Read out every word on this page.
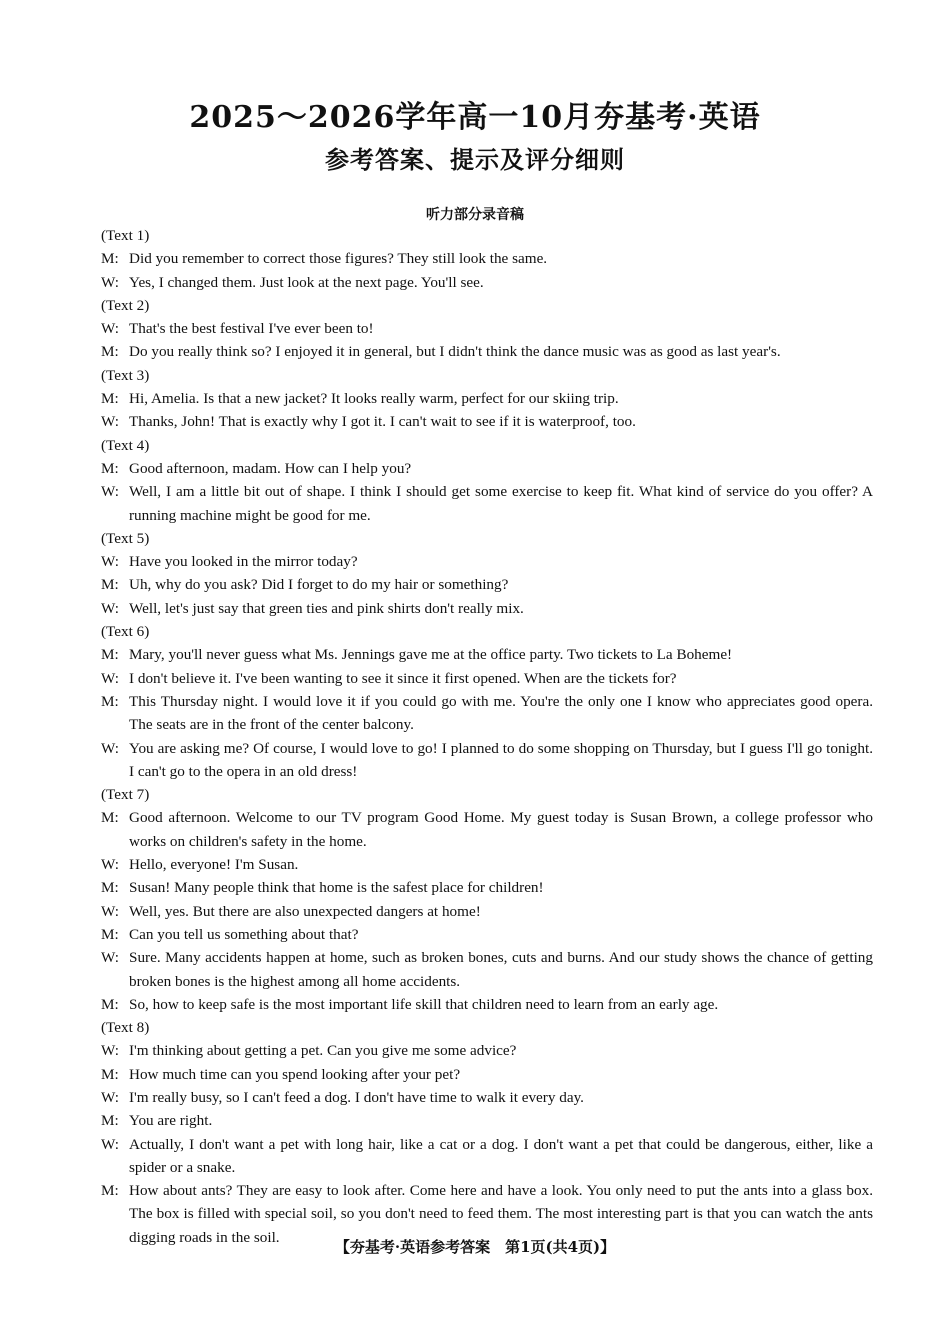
2025～2026学年高一10月夯基考·英语
参考答案、提示及评分细则
听力部分录音稿

(Text 1)

M: Did you remember to correct those figures? They still look the same.

W: Yes, I changed them. Just look at the next page. You'll see.

(Text 2)

W: That's the best festival I've ever been to!

M: Do you really think so? I enjoyed it in general, but I didn't think the dance music was as good as last year's.

(Text 3)

M: Hi, Amelia. Is that a new jacket? It looks really warm, perfect for our skiing trip.

W: Thanks, John! That is exactly why I got it. I can't wait to see if it is waterproof, too.

(Text 4)

M: Good afternoon, madam. How can I help you?

W: Well, I am a little bit out of shape. I think I should get some exercise to keep fit. What kind of service do you offer? A running machine might be good for me.

(Text 5)

W: Have you looked in the mirror today?

M: Uh, why do you ask? Did I forget to do my hair or something?

W: Well, let's just say that green ties and pink shirts don't really mix.

(Text 6)

M: Mary, you'll never guess what Ms. Jennings gave me at the office party. Two tickets to La Boheme!

W: I don't believe it. I've been wanting to see it since it first opened. When are the tickets for?

M: This Thursday night. I would love it if you could go with me. You're the only one I know who appreciates good opera. The seats are in the front of the center balcony.

W: You are asking me? Of course, I would love to go! I planned to do some shopping on Thursday, but I guess I'll go tonight. I can't go to the opera in an old dress!

(Text 7)

M: Good afternoon. Welcome to our TV program Good Home. My guest today is Susan Brown, a college professor who works on children's safety in the home.

W: Hello, everyone! I'm Susan.

M: Susan! Many people think that home is the safest place for children!

W: Well, yes. But there are also unexpected dangers at home!

M: Can you tell us something about that?

W: Sure. Many accidents happen at home, such as broken bones, cuts and burns. And our study shows the chance of getting broken bones is the highest among all home accidents.

M: So, how to keep safe is the most important life skill that children need to learn from an early age.

(Text 8)

W: I'm thinking about getting a pet. Can you give me some advice?

M: How much time can you spend looking after your pet?

W: I'm really busy, so I can't feed a dog. I don't have time to walk it every day.

M: You are right.

W: Actually, I don't want a pet with long hair, like a cat or a dog. I don't want a pet that could be dangerous, either, like a spider or a snake.

M: How about ants? They are easy to look after. Come here and have a look. You only need to put the ants into a glass box. The box is filled with special soil, so you don't need to feed them. The most interesting part is that you can watch the ants digging roads in the soil.

【夯基考·英语参考答案　第1页(共4页)】
